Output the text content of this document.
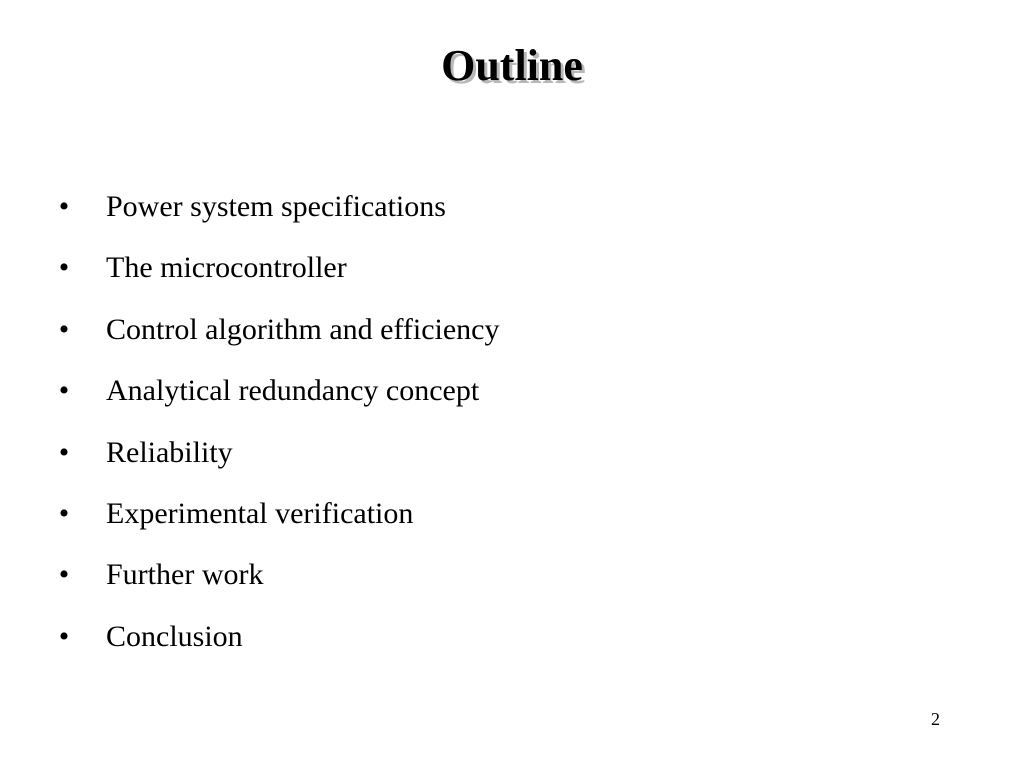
Outline
• Power system specifications
• The microcontroller
• Control algorithm and efficiency
• Analytical redundancy concept
• Reliability
• Experimental verification
• Further work
• Conclusion
2
